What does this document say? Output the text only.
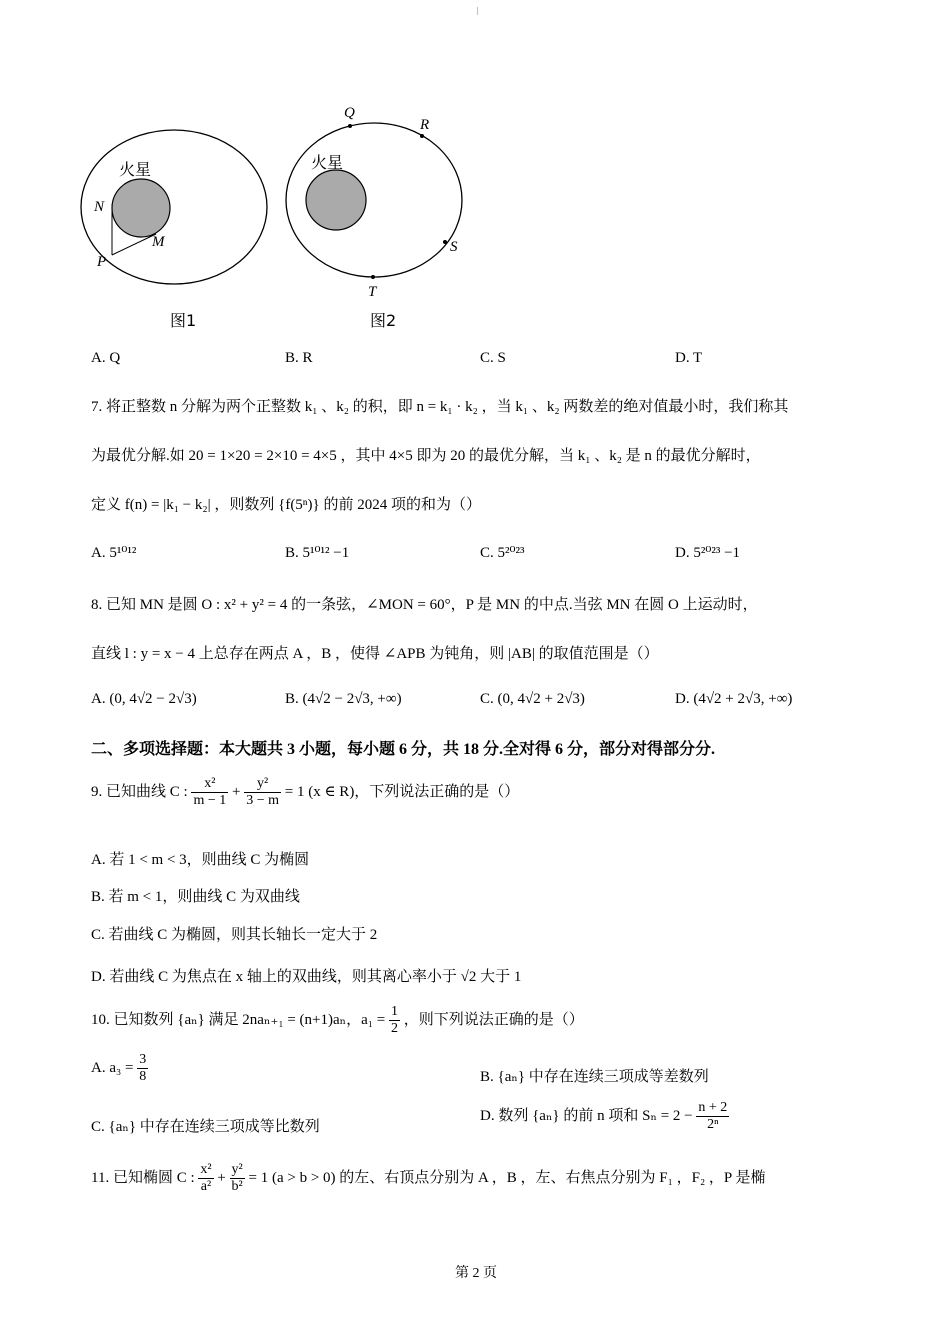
|
火星
N
M
P
图1
火星
Q
R
S
T
图2
A. Q	B. R	C. S	D. T
7. 将正整数 n 分解为两个正整数 k₁ 、k₂ 的积，即 n = k₁ · k₂ ，当 k₁ 、k₂ 两数差的绝对值最小时，我们称其
为最优分解.如 20 = 1×20 = 2×10 = 4×5 ，其中 4×5 即为 20 的最优分解，当 k₁ 、k₂ 是 n 的最优分解时，
定义 f(n) = |k₁ − k₂| ，则数列 {f(5ⁿ)} 的前 2024 项的和为（）
A. 5¹⁰¹²	B. 5¹⁰¹² −1	C. 5²⁰²³	D. 5²⁰²³ −1
8. 已知 MN 是圆 O : x² + y² = 4 的一条弦，∠MON = 60°，P 是 MN 的中点.当弦 MN 在圆 O 上运动时，
直线 l : y = x − 4 上总存在两点 A ，B ，使得 ∠APB 为钝角，则 |AB| 的取值范围是（）
A. (0, 4√2 − 2√3)	B. (4√2 − 2√3, +∞)	C. (0, 4√2 + 2√3)	D. (4√2 + 2√3, +∞)
二、多项选择题：本大题共 3 小题，每小题 6 分，共 18 分.全对得 6 分，部分对得部分分.
9. 已知曲线 C : $\frac{\text{x²}}{m - 1} + \frac{\text{y²}}{3 - m} = 1$ (x ∈ R)，下列说法正确的是（）
A. 若 1 < m < 3，则曲线 C 为椭圆
B. 若 m < 1，则曲线 C 为双曲线
C. 若曲线 C 为椭圆，则其长轴长一定大于 2
D. 若曲线 C 为焦点在 x 轴上的双曲线，则其离心率小于 √2 大于 1
10. 已知数列 {aₙ} 满足 2naₙ₊₁ = (n+1)aₙ，$a_1 = \frac{1}{2}$ ，则下列说法正确的是（）
A. $a_3 = \frac{3}{8}$	B. {aₙ} 中存在连续三项成等差数列
C. {aₙ} 中存在连续三项成等比数列
D. 数列 {aₙ} 的前 n 项和 $S_n = 2 - \frac{n + 2}{\text{2ⁿ}}$
11. 已知椭圆 C : $\frac{\text{x²}}{\text{a²}} + \frac{\text{y²}}{\text{b²}} = 1$ (a > b > 0) 的左、右顶点分别为 A ，B ，左、右焦点分别为 F₁ ，F₂ ，P 是椭
第 2 页
